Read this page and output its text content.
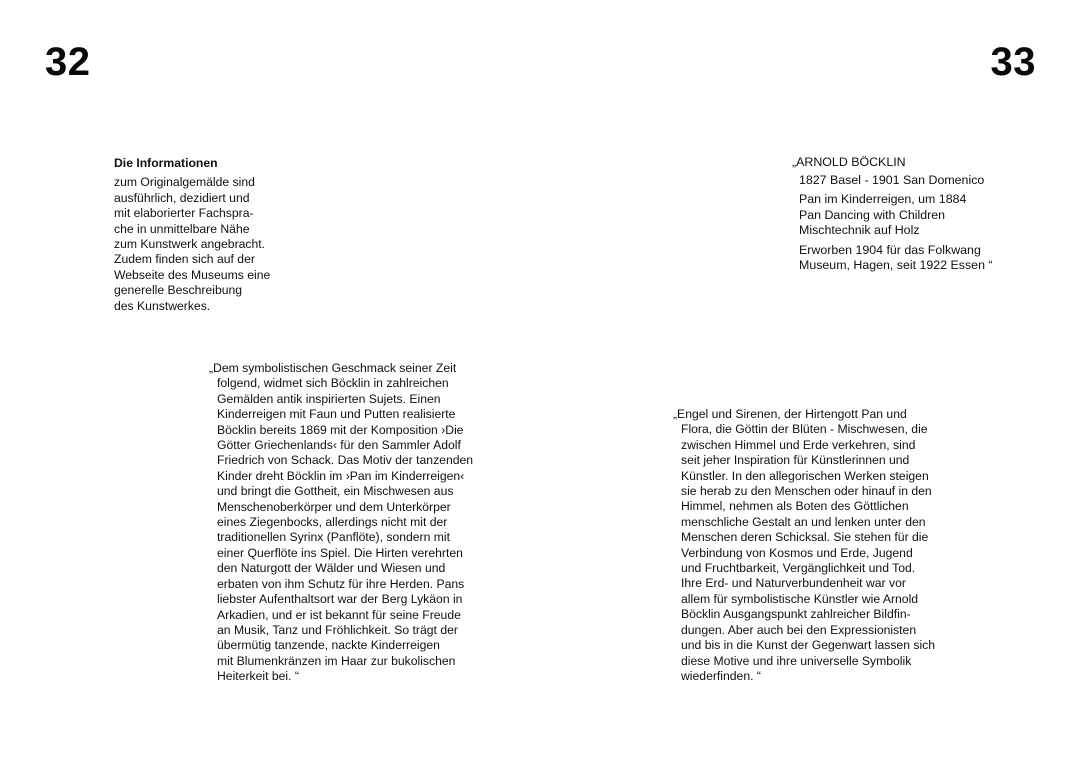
32	33
Die Informationen
zum Originalgemälde sind
ausführlich, dezidiert und
mit elaborierter Fachspra-
che in unmittelbare Nähe
zum Kunstwerk angebracht.
Zudem finden sich auf der
Webseite des Museums eine
generelle Beschreibung
des Kunstwerkes.
„ARNOLD BÖCKLIN
1827 Basel - 1901 San Domenico
Pan im Kinderreigen, um 1884
Pan Dancing with Children
Mischtechnik auf Holz
Erworben 1904 für das Folkwang
Museum, Hagen, seit 1922 Essen “
„Dem symbolistischen Geschmack seiner Zeit
folgend, widmet sich Böcklin in zahlreichen
Gemälden antik inspirierten Sujets. Einen
Kinderreigen mit Faun und Putten realisierte
Böcklin bereits 1869 mit der Komposition ›Die
Götter Griechenlands‹ für den Sammler Adolf
Friedrich von Schack. Das Motiv der tanzenden
Kinder dreht Böcklin im ›Pan im Kinderreigen‹
und bringt die Gottheit, ein Mischwesen aus
Menschenoberkörper und dem Unterkörper
eines Ziegenbocks, allerdings nicht mit der
traditionellen Syrinx (Panflöte), sondern mit
einer Querflöte ins Spiel. Die Hirten verehrten
den Naturgott der Wälder und Wiesen und
erbaten von ihm Schutz für ihre Herden. Pans
liebster Aufenthaltsort war der Berg Lykäon in
Arkadien, und er ist bekannt für seine Freude
an Musik, Tanz und Fröhlichkeit. So trägt der
übermütig tanzende, nackte Kinderreigen
mit Blumenkränzen im Haar zur bukolischen
Heiterkeit bei. “
„Engel und Sirenen, der Hirtengott Pan und
Flora, die Göttin der Blüten - Mischwesen, die
zwischen Himmel und Erde verkehren, sind
seit jeher Inspiration für Künstlerinnen und
Künstler. In den allegorischen Werken steigen
sie herab zu den Menschen oder hinauf in den
Himmel, nehmen als Boten des Göttlichen
menschliche Gestalt an und lenken unter den
Menschen deren Schicksal. Sie stehen für die
Verbindung von Kosmos und Erde, Jugend
und Fruchtbarkeit, Vergänglichkeit und Tod.
Ihre Erd- und Naturverbundenheit war vor
allem für symbolistische Künstler wie Arnold
Böcklin Ausgangspunkt zahlreicher Bildfin-
dungen. Aber auch bei den Expressionisten
und bis in die Kunst der Gegenwart lassen sich
diese Motive und ihre universelle Symbolik
wiederfinden. “
